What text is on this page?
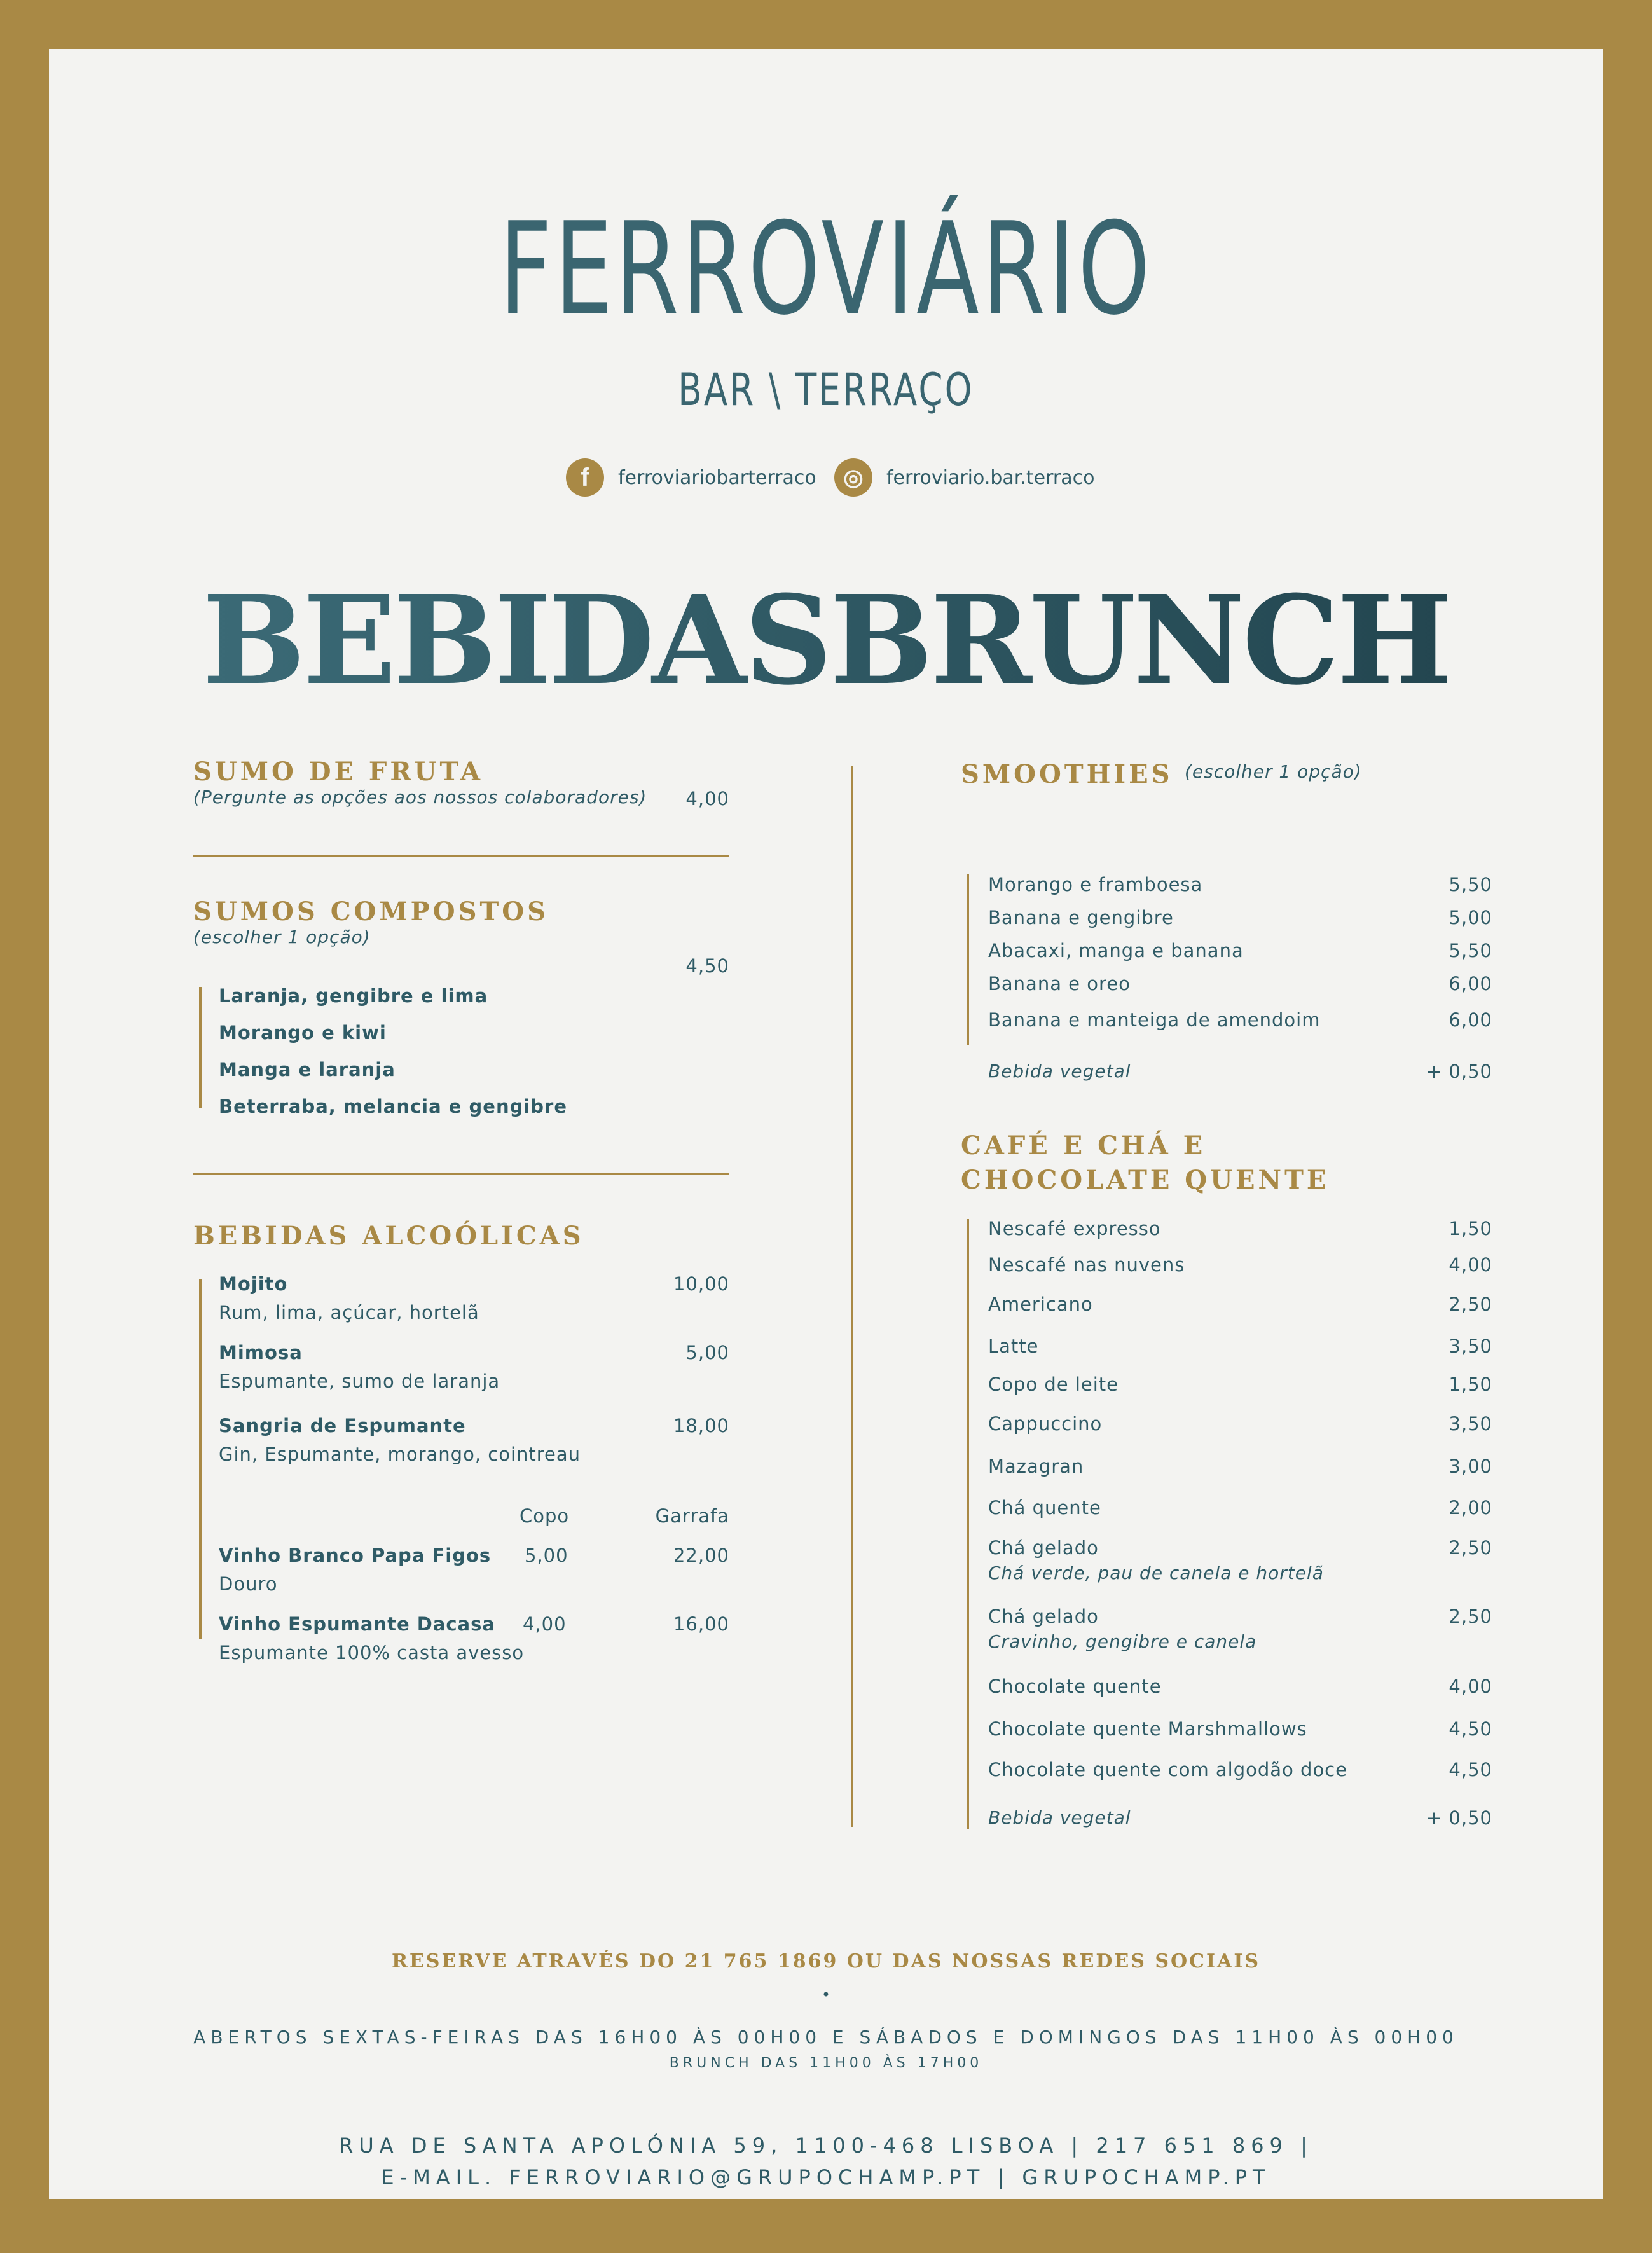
FERROVIÁRIO
BAR \ TERRAÇO
f	ferroviariobarterraco	◎	ferroviario.bar.terraco
BEBIDASBRUNCH
SUMO DE FRUTA
(Pergunte as opções aos nossos colaboradores)	4,00
SUMOS COMPOSTOS
(escolher 1 opção)
4,50
Laranja, gengibre e lima
Morango e kiwi
Manga e laranja
Beterraba, melancia e gengibre
BEBIDAS ALCOÓLICAS
Mojito
Rum, lima, açúcar, hortelã
10,00
Mimosa
Espumante, sumo de laranja
5,00
Sangria de Espumante
Gin, Espumante, morango, cointreau
18,00
Copo	Garrafa
Vinho Branco Papa Figos
Douro
5,00	22,00
Vinho Espumante Dacasa
Espumante 100% casta avesso
4,00	16,00
SMOOTHIES (escolher 1 opção)
Morango e framboesa	5,50
Banana e gengibre	5,00
Abacaxi, manga e banana	5,50
Banana e oreo	6,00
Banana e manteiga de amendoim	6,00
Bebida vegetal	+ 0,50
CAFÉ E CHÁ E
CHOCOLATE QUENTE
Nescafé expresso	1,50
Nescafé nas nuvens	4,00
Americano	2,50
Latte	3,50
Copo de leite	1,50
Cappuccino	3,50
Mazagran	3,00
Chá quente	2,00
Chá gelado
Chá verde, pau de canela e hortelã
2,50
Chá gelado
Cravinho, gengibre e canela
2,50
Chocolate quente	4,00
Chocolate quente Marshmallows	4,50
Chocolate quente com algodão doce	4,50
Bebida vegetal	+ 0,50
RESERVE ATRAVÉS DO 21 765 1869 OU DAS NOSSAS REDES SOCIAIS
•
ABERTOS SEXTAS-FEIRAS DAS 16H00 ÀS 00H00 E SÁBADOS E DOMINGOS DAS 11H00 ÀS 00H00
BRUNCH DAS 11H00 ÀS 17H00
RUA DE SANTA APOLÓNIA 59, 1100-468 LISBOA | 217 651 869 |
E-MAIL. FERROVIARIO@GRUPOCHAMP.PT | GRUPOCHAMP.PT
